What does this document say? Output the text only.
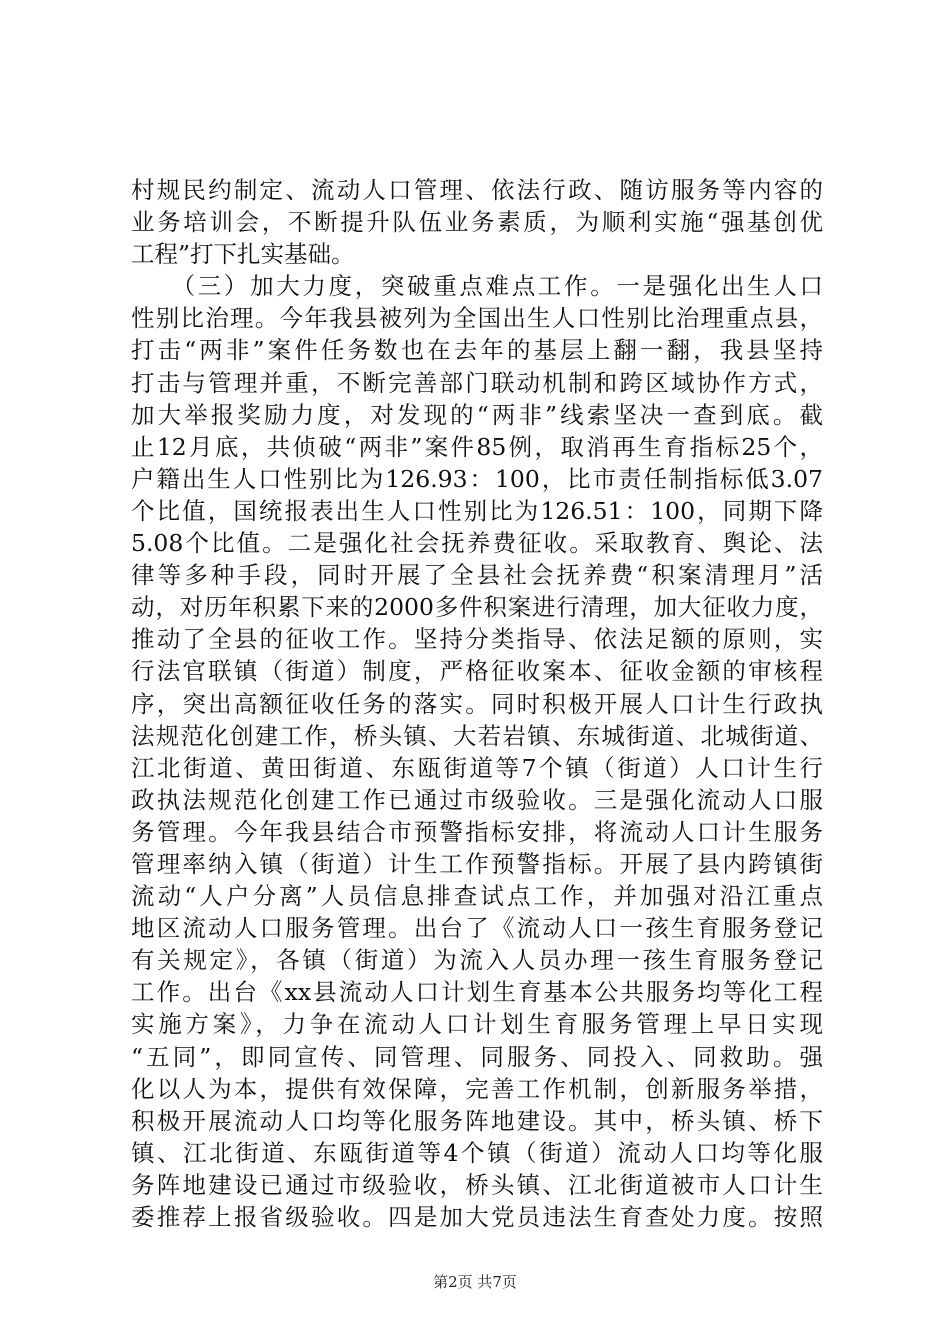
村规民约制定、流动人口管理、依法行政、随访服务等内容的
业务培训会，不断提升队伍业务素质，为顺利实施“强基创优
工程”打下扎实基础。
　　（三）加大力度，突破重点难点工作。一是强化出生人口
性别比治理。今年我县被列为全国出生人口性别比治理重点县，
打击“两非”案件任务数也在去年的基层上翻一翻，我县坚持
打击与管理并重，不断完善部门联动机制和跨区域协作方式，
加大举报奖励力度，对发现的“两非”线索坚决一查到底。截
止12月底，共侦破“两非”案件85例，取消再生育指标25个，
户籍出生人口性别比为126.93：100，比市责任制指标低3.07
个比值，国统报表出生人口性别比为126.51：100，同期下降
5.08个比值。二是强化社会抚养费征收。采取教育、舆论、法
律等多种手段，同时开展了全县社会抚养费“积案清理月”活
动，对历年积累下来的2000多件积案进行清理，加大征收力度，
推动了全县的征收工作。坚持分类指导、依法足额的原则，实
行法官联镇（街道）制度，严格征收案本、征收金额的审核程
序，突出高额征收任务的落实。同时积极开展人口计生行政执
法规范化创建工作，桥头镇、大若岩镇、东城街道、北城街道、
江北街道、黄田街道、东瓯街道等7个镇（街道）人口计生行
政执法规范化创建工作已通过市级验收。三是强化流动人口服
务管理。今年我县结合市预警指标安排，将流动人口计生服务
管理率纳入镇（街道）计生工作预警指标。开展了县内跨镇街
流动“人户分离”人员信息排查试点工作，并加强对沿江重点
地区流动人口服务管理。出台了《流动人口一孩生育服务登记
有关规定》，各镇（街道）为流入人员办理一孩生育服务登记
工作。出台《xx县流动人口计划生育基本公共服务均等化工程
实施方案》，力争在流动人口计划生育服务管理上早日实现
“五同”，即同宣传、同管理、同服务、同投入、同救助。强
化以人为本，提供有效保障，完善工作机制，创新服务举措，
积极开展流动人口均等化服务阵地建设。其中，桥头镇、桥下
镇、江北街道、东瓯街道等4个镇（街道）流动人口均等化服
务阵地建设已通过市级验收，桥头镇、江北街道被市人口计生
委推荐上报省级验收。四是加大党员违法生育查处力度。按照
第2页 共7页
